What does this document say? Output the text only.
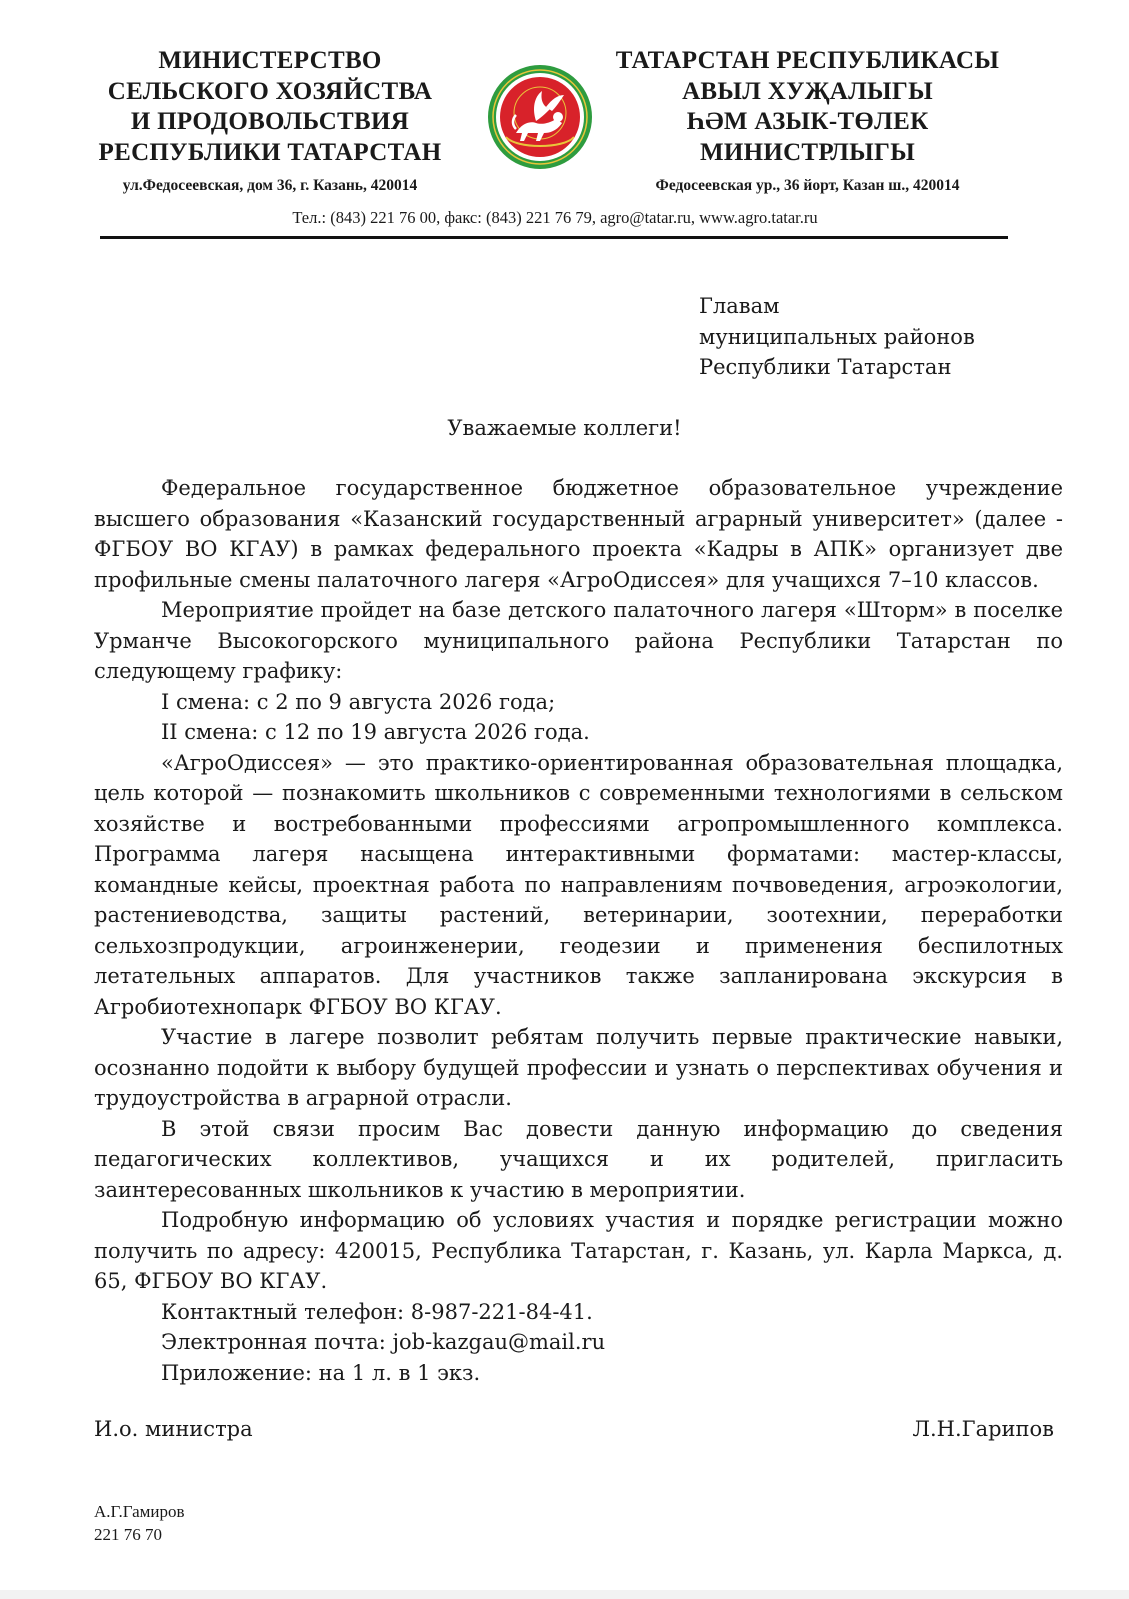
МИНИСТЕРСТВО
СЕЛЬСКОГО ХОЗЯЙСТВА
И ПРОДОВОЛЬСТВИЯ
РЕСПУБЛИКИ ТАТАРСТАН
ул.Федосеевская, дом 36, г. Казань, 420014
ТАТАРСТАН РЕСПУБЛИКАСЫ
АВЫЛ ХУҖАЛЫГЫ
ҺӘМ АЗЫК-ТӨЛЕК
МИНИСТРЛЫГЫ
Федосеевская ур., 36 йорт, Казан ш., 420014
Тел.: (843) 221 76 00, факс: (843) 221 76 79, agro@tatar.ru, www.agro.tatar.ru
Главам
муниципальных районов
Республики Татарстан
Уважаемые коллеги!

Федеральное государственное бюджетное образовательное учреждение высшего образования «Казанский государственный аграрный университет» (далее - ФГБОУ ВО КГАУ) в рамках федерального проекта «Кадры в АПК» организует две профильные смены палаточного лагеря «АгроОдиссея» для учащихся 7–10 классов.

Мероприятие пройдет на базе детского палаточного лагеря «Шторм» в поселке Урманче Высокогорского муниципального района Республики Татарстан по следующему графику:

I смена: с 2 по 9 августа 2026 года;

II смена: с 12 по 19 августа 2026 года.

«АгроОдиссея» — это практико-ориентированная образовательная площадка, цель которой — познакомить школьников с современными технологиями в сельском хозяйстве и востребованными профессиями агропромышленного комплекса. Программа лагеря насыщена интерактивными форматами: мастер-классы, командные кейсы, проектная работа по направлениям почвоведения, агроэкологии, растениеводства, защиты растений, ветеринарии, зоотехнии, переработки сельхозпродукции, агроинженерии, геодезии и применения беспилотных летательных аппаратов. Для участников также запланирована экскурсия в Агробиотехнопарк ФГБОУ ВО КГАУ.

Участие в лагере позволит ребятам получить первые практические навыки, осознанно подойти к выбору будущей профессии и узнать о перспективах обучения и трудоустройства в аграрной отрасли.

В этой связи просим Вас довести данную информацию до сведения педагогических коллективов, учащихся и их родителей, пригласить заинтересованных школьников к участию в мероприятии.

Подробную информацию об условиях участия и порядке регистрации можно получить по адресу: 420015, Республика Татарстан, г. Казань, ул. Карла Маркса, д. 65, ФГБОУ ВО КГАУ.

Контактный телефон: 8-987-221-84-41.

Электронная почта: job-kazgau@mail.ru

Приложение: на 1 л. в 1 экз.

И.о. министра	Л.Н.Гарипов
А.Г.Гамиров
221 76 70
